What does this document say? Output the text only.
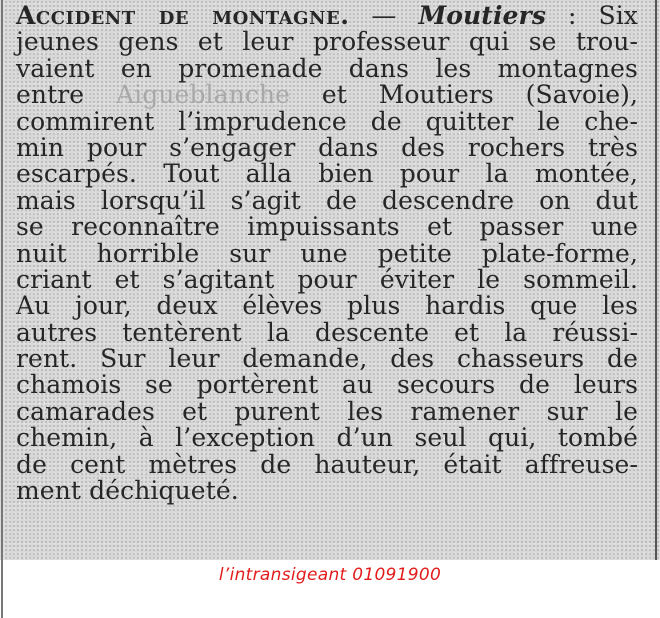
Accident de montagne. — Moutiers : Six
jeunes gens et leur professeur qui se trou-
vaient en promenade dans les montagnes
entre Aigueblanche et Moutiers (Savoie),
commirent l’imprudence de quitter le che-
min pour s’engager dans des rochers très
escarpés. Tout alla bien pour la montée,
mais lorsqu’il s’agit de descendre on dut
se reconnaître impuissants et passer une
nuit horrible sur une petite plate-forme,
criant et s’agitant pour éviter le sommeil.
Au jour, deux élèves plus hardis que les
autres tentèrent la descente et la réussi-
rent. Sur leur demande, des chasseurs de
chamois se portèrent au secours de leurs
camarades et purent les ramener sur le
chemin, à l’exception d’un seul qui, tombé
de cent mètres de hauteur, était affreuse-
ment déchiqueté.
l’intransigeant 01091900
